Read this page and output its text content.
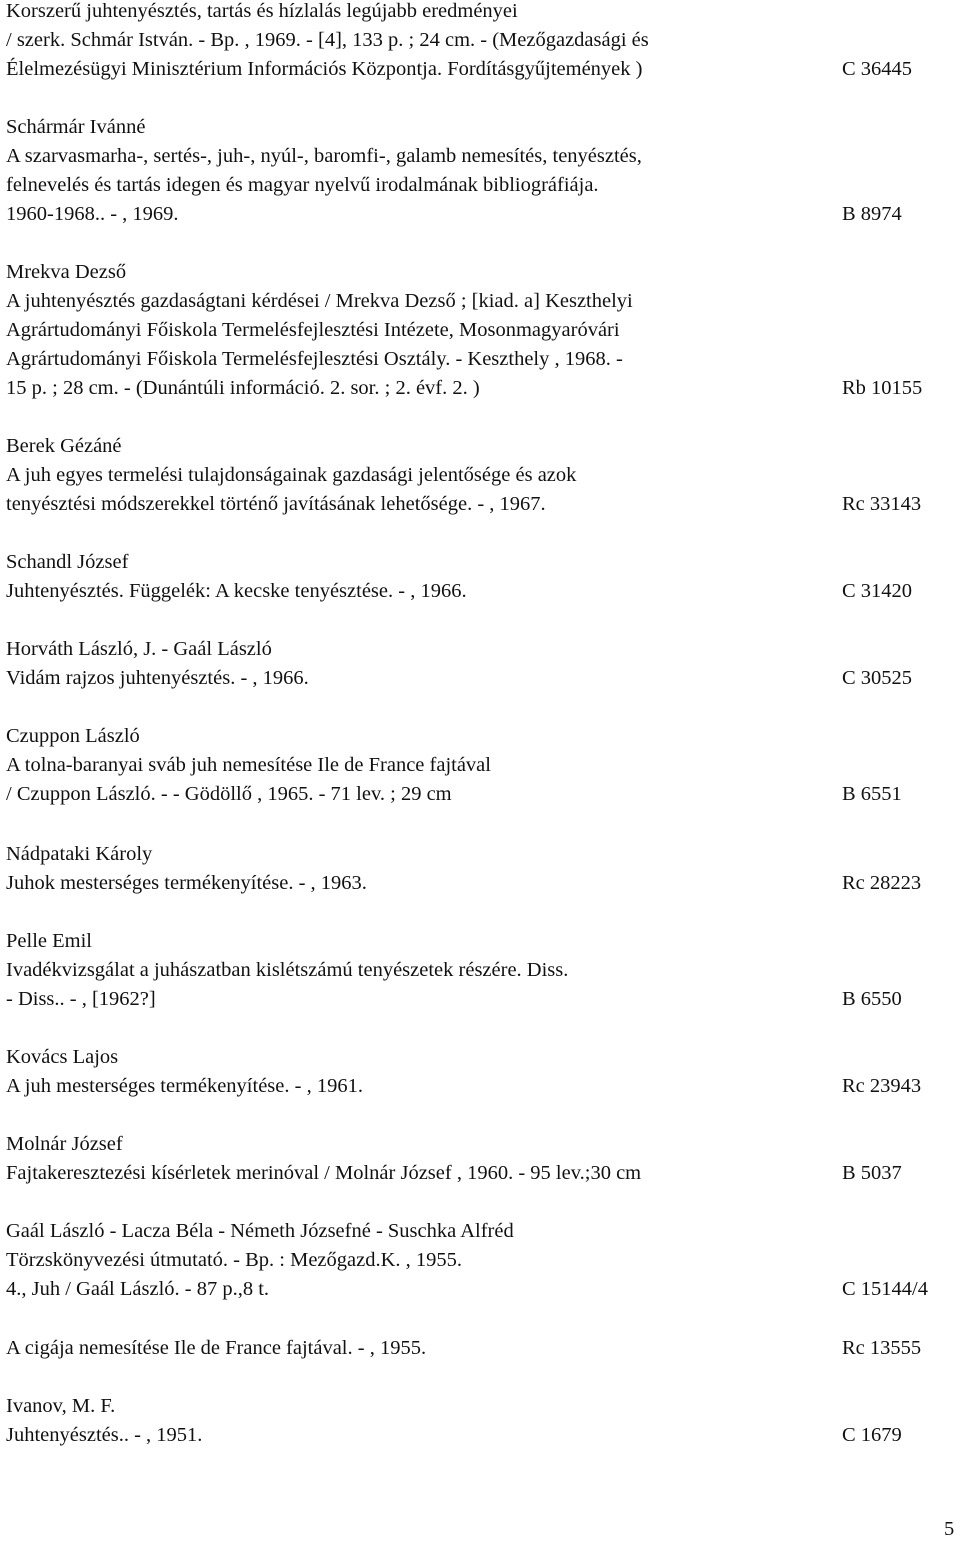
Korszerű juhtenyésztés, tartás és hízlalás legújabb eredményei
/ szerk. Schmár István. - Bp. , 1969. - [4], 133 p. ; 24 cm. - (Mezőgazdasági és
Élelmezésügyi Minisztérium Információs Központja. Fordításgyűjtemények )	C 36445
Schármár Ivánné
A szarvasmarha-, sertés-, juh-, nyúl-, baromfi-, galamb nemesítés, tenyésztés,
felnevelés és tartás idegen és magyar nyelvű irodalmának bibliográfiája.
1960-1968.. - , 1969.	B 8974
Mrekva Dezső
A juhtenyésztés gazdaságtani kérdései / Mrekva Dezső ; [kiad. a] Keszthelyi
Agrártudományi Főiskola Termelésfejlesztési Intézete, Mosonmagyaróvári
Agrártudományi Főiskola Termelésfejlesztési Osztály. - Keszthely , 1968. -
15 p. ; 28 cm. - (Dunántúli információ. 2. sor. ; 2. évf. 2. )	Rb 10155
Berek Gézáné
A juh egyes termelési tulajdonságainak gazdasági jelentősége és azok
tenyésztési módszerekkel történő javításának lehetősége. - , 1967.	Rc 33143
Schandl József
Juhtenyésztés. Függelék: A kecske tenyésztése. - , 1966.	C 31420
Horváth László, J. - Gaál László
Vidám rajzos juhtenyésztés. - , 1966.	C 30525
Czuppon László
A tolna-baranyai sváb juh nemesítése Ile de France fajtával
/ Czuppon László. - - Gödöllő , 1965. - 71 lev. ; 29 cm	B 6551
Nádpataki Károly
Juhok mesterséges termékenyítése. - , 1963.	Rc 28223
Pelle Emil
Ivadékvizsgálat a juhászatban kislétszámú tenyészetek részére. Diss.
- Diss.. - , [1962?]	B 6550
Kovács Lajos
A juh mesterséges termékenyítése. - , 1961.	Rc 23943
Molnár József
Fajtakeresztezési kísérletek merinóval / Molnár József , 1960. - 95 lev.;30 cm	B 5037
Gaál László - Lacza Béla - Németh Józsefné - Suschka Alfréd
Törzskönyvezési útmutató. - Bp. : Mezőgazd.K. , 1955.
4., Juh / Gaál László. - 87 p.,8 t.	C 15144/4
A cigája nemesítése Ile de France fajtával. - , 1955.	Rc 13555
Ivanov, M. F.
Juhtenyésztés.. - , 1951.	C 1679
5
